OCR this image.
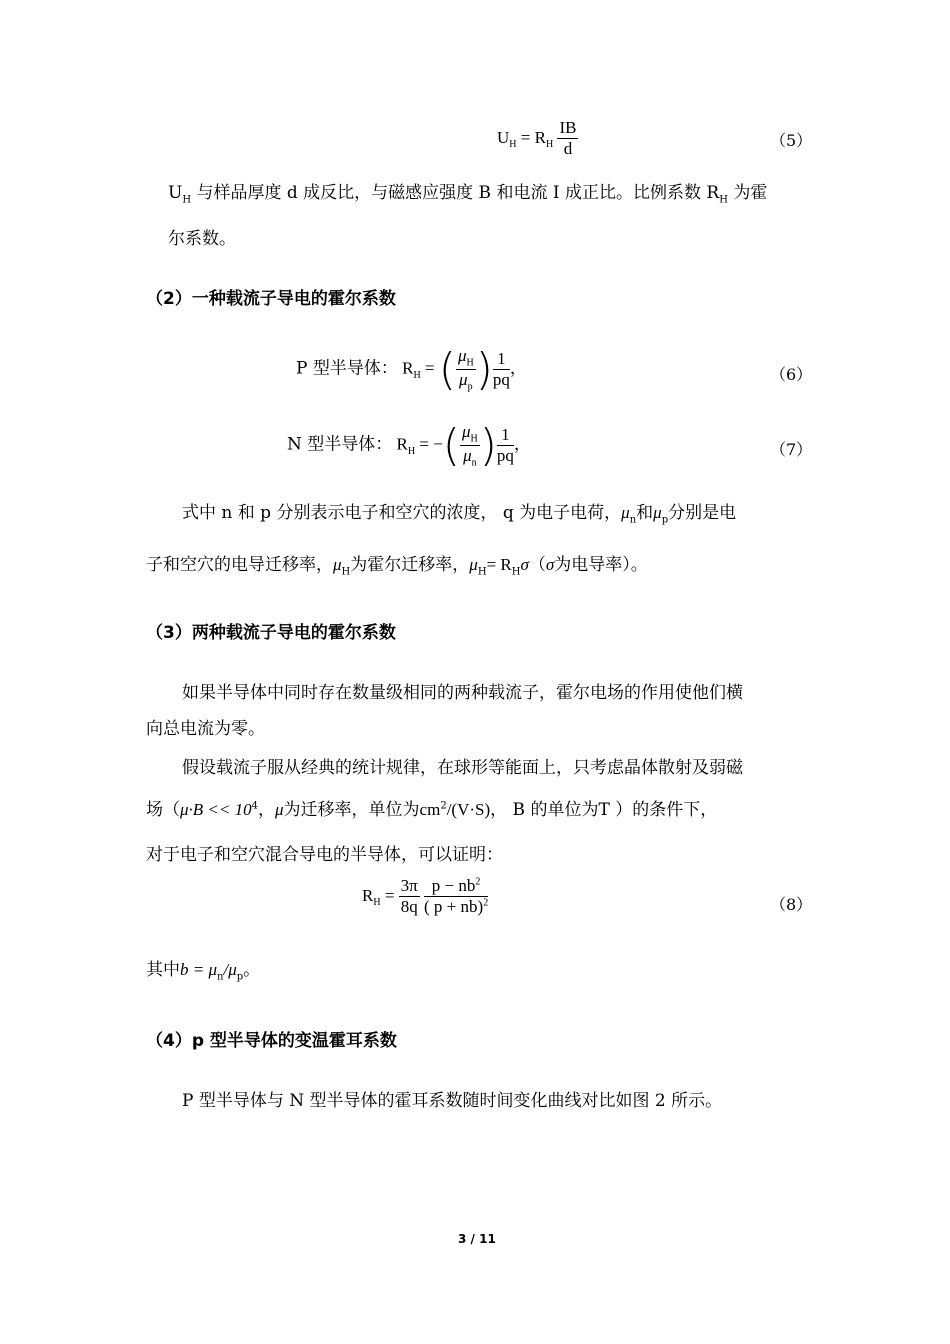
$U_H = R_H \frac{IB}{d}$	（5）
$U_H$ 与样品厚度 d 成反比，与磁感应强度 B 和电流 I 成正比。比例系数 $R_H$ 为霍
尔系数。
（2）一种载流子导电的霍尔系数
P 型半导体： $R_H$ = ( $\frac{\mu_H}{\mu_p}$ ) $\frac{1}{pq}$ ，	（6）
N 型半导体： $R_H$ = −( $\frac{\mu_H}{\mu_n}$ ) $\frac{1}{pq}$ ，	（7）
式中 n 和 p 分别表示电子和空穴的浓度， q 为电子电荷，$\mu_n$和$\mu_p$分别是电
子和空穴的电导迁移率，$\mu_H$为霍尔迁移率，$\mu_H= R_H\sigma(\sigma$为电导率）。
（3）两种载流子导电的霍尔系数
如果半导体中同时存在数量级相同的两种载流子，霍尔电场的作用使他们横
向总电流为零。
假设载流子服从经典的统计规律，在球形等能面上，只考虑晶体散射及弱磁
场（$\mu\cdot B << 10^4$，μ为迁移率，单位为$cm^2/(V\cdot S)$， B 的单位为T ）的条件下，
对于电子和空穴混合导电的半导体，可以证明：
$R_H = \frac{3\pi}{8q}$
$\frac{p - nb^2}{( p + nb)^2}$	（8）
其中$b = \mu_n/\mu_p$。
（4）p 型半导体的变温霍耳系数
P 型半导体与 N 型半导体的霍耳系数随时间变化曲线对比如图 2 所示。
3 / 11
